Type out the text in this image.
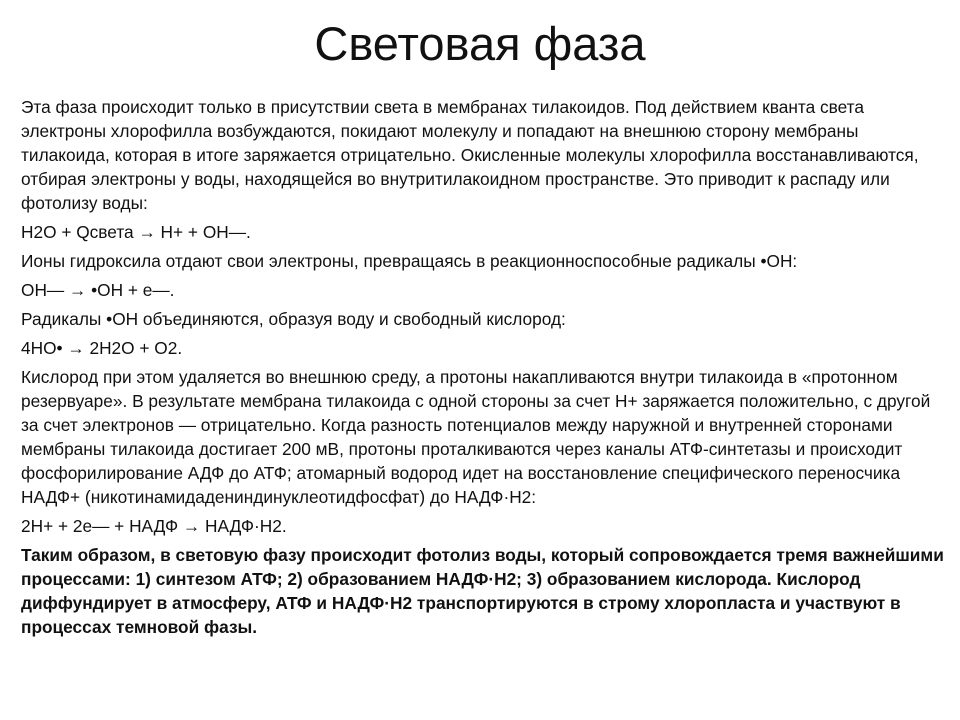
Световая фаза

Эта фаза происходит только в присутствии света в мембранах тилакоидов. Под действием кванта света электроны хлорофилла возбуждаются, покидают молекулу и попадают на внешнюю сторону мембраны тилакоида, которая в итоге заряжается отрицательно. Окисленные молекулы хлорофилла восстанавливаются, отбирая электроны у воды, находящейся во внутритилакоидном пространстве. Это приводит к распаду или фотолизу воды:

H2O + Qсвета → H+ + OH—.

Ионы гидроксила отдают свои электроны, превращаясь в реакционноспособные радикалы •OH:

OH— → •OH + е—.

Радикалы •OH объединяются, образуя воду и свободный кислород:

4НО• → 2Н2О + О2.

Кислород при этом удаляется во внешнюю среду, а протоны накапливаются внутри тилакоида в «протонном резервуаре». В результате мембрана тилакоида с одной стороны за счет Н+ заряжается положительно, с другой за счет электронов — отрицательно. Когда разность потенциалов между наружной и внутренней сторонами мембраны тилакоида достигает 200 мВ, протоны проталкиваются через каналы АТФ-синтетазы и происходит фосфорилирование АДФ до АТФ; атомарный водород идет на восстановление специфического переносчика НАДФ+ (никотинамидадениндинуклеотидфосфат) до НАДФ·Н2:

2Н+ + 2е— + НАДФ → НАДФ·Н2.

Таким образом, в световую фазу происходит фотолиз воды, который сопровождается тремя важнейшими процессами: 1) синтезом АТФ; 2) образованием НАДФ·Н2; 3) образованием кислорода. Кислород диффундирует в атмосферу, АТФ и НАДФ·Н2 транспортируются в строму хлоропласта и участвуют в процессах темновой фазы.
